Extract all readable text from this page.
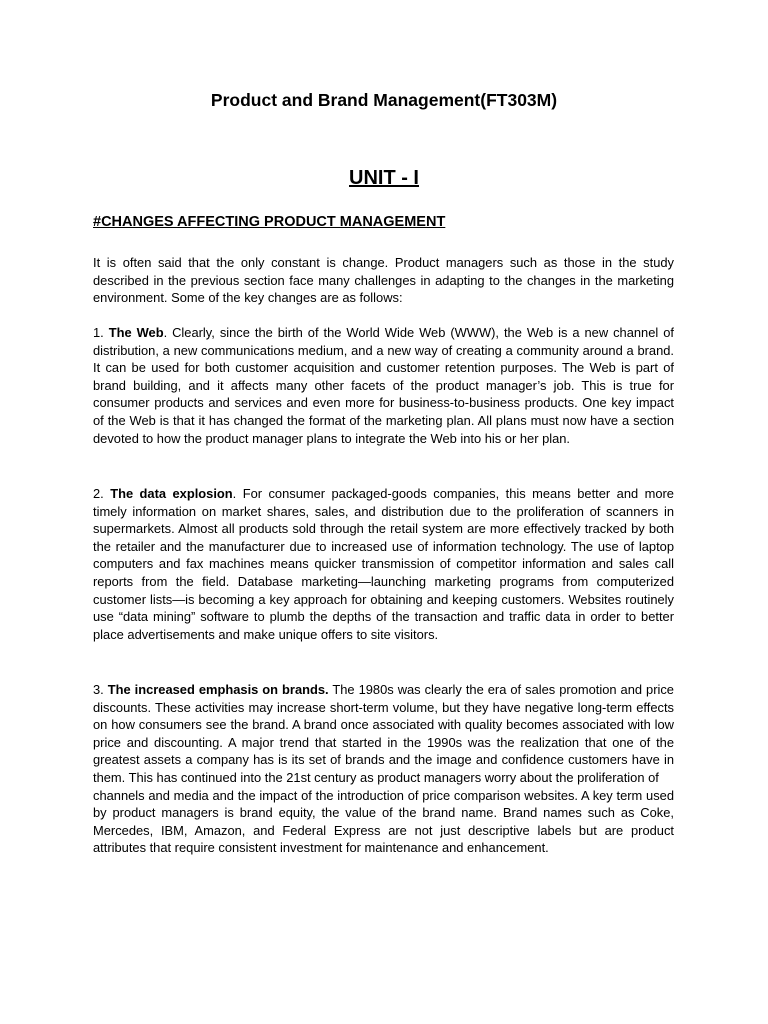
Product and Brand Management(FT303M)
UNIT - I
#CHANGES AFFECTING PRODUCT MANAGEMENT

It is often said that the only constant is change. Product managers such as those in the study described in the previous section face many challenges in adapting to the changes in the marketing environment. Some of the key changes are as follows:

1. The Web. Clearly, since the birth of the World Wide Web (WWW), the Web is a new channel of distribution, a new communications medium, and a new way of creating a community around a brand. It can be used for both customer acquisition and customer retention purposes. The Web is part of brand building, and it affects many other facets of the product manager’s job. This is true for consumer products and services and even more for business-to-business products. One key impact of the Web is that it has changed the format of the marketing plan. All plans must now have a section devoted to how the product manager plans to integrate the Web into his or her plan.

2. The data explosion. For consumer packaged-goods companies, this means better and more timely information on market shares, sales, and distribution due to the proliferation of scanners in supermarkets. Almost all products sold through the retail system are more effectively tracked by both the retailer and the manufacturer due to increased use of information technology. The use of laptop computers and fax machines means quicker transmission of competitor information and sales call reports from the field. Database marketing—launching marketing programs from computerized customer lists—is becoming a key approach for obtaining and keeping customers. Websites routinely use “data mining” software to plumb the depths of the transaction and traffic data in order to better place advertisements and make unique offers to site visitors.

3. The increased emphasis on brands. The 1980s was clearly the era of sales promotion and price discounts. These activities may increase short-term volume, but they have negative long-term effects on how consumers see the brand. A brand once associated with quality becomes associated with low price and discounting. A major trend that started in the 1990s was the realization that one of the greatest assets a company has is its set of brands and the image and confidence customers have in them. This has continued into the 21st century as product managers worry about the proliferation of
channels and media and the impact of the introduction of price comparison websites. A key term used by product managers is brand equity, the value of the brand name. Brand names such as Coke, Mercedes, IBM, Amazon, and Federal Express are not just descriptive labels but are product attributes that require consistent investment for maintenance and enhancement.
